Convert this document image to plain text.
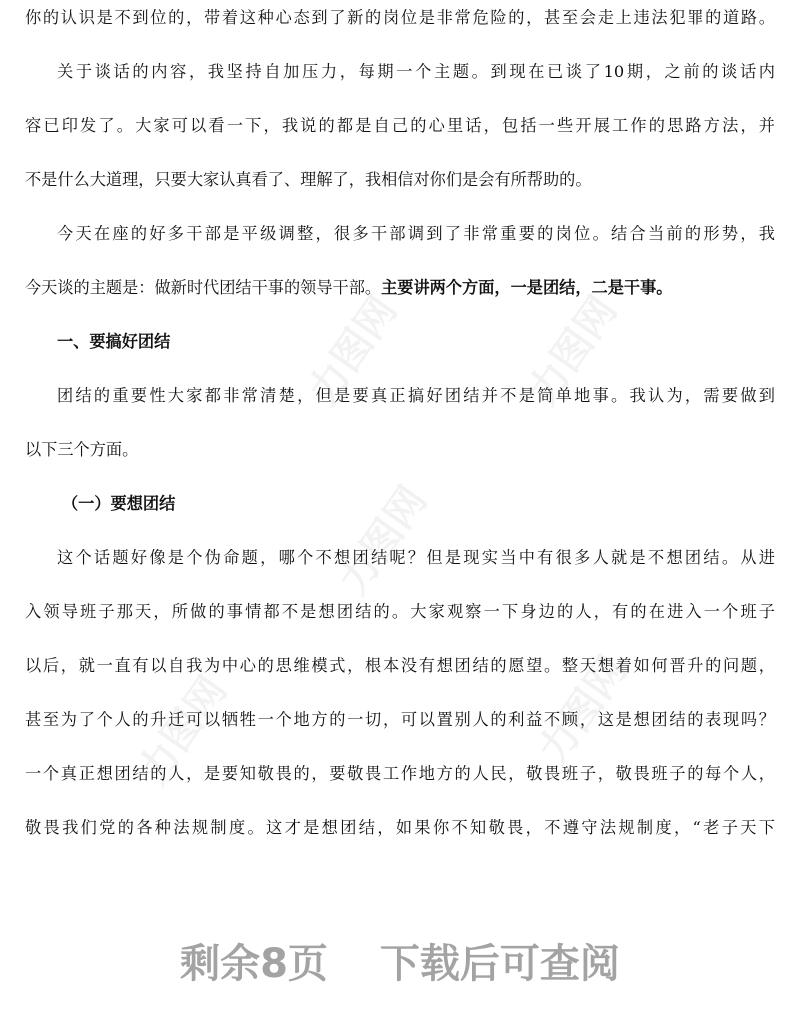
力图网	力图网
力图网
力图网	力图网
你的认识是不到位的，带着这种心态到了新的岗位是非常危险的，甚至会走上违法犯罪的道路。
关于谈话的内容，我坚持自加压力，每期一个主题。到现在已谈了10期，之前的谈话内
容已印发了。大家可以看一下，我说的都是自己的心里话，包括一些开展工作的思路方法，并
不是什么大道理，只要大家认真看了、理解了，我相信对你们是会有所帮助的。
今天在座的好多干部是平级调整，很多干部调到了非常重要的岗位。结合当前的形势，我
今天谈的主题是：做新时代团结干事的领导干部。主要讲两个方面，一是团结，二是干事。
一、要搞好团结
团结的重要性大家都非常清楚，但是要真正搞好团结并不是简单地事。我认为，需要做到
以下三个方面。
（一）要想团结
这个话题好像是个伪命题，哪个不想团结呢？但是现实当中有很多人就是不想团结。从进
入领导班子那天，所做的事情都不是想团结的。大家观察一下身边的人，有的在进入一个班子
以后，就一直有以自我为中心的思维模式，根本没有想团结的愿望。整天想着如何晋升的问题，
甚至为了个人的升迁可以牺牲一个地方的一切，可以置别人的利益不顾，这是想团结的表现吗？
一个真正想团结的人，是要知敬畏的，要敬畏工作地方的人民，敬畏班子，敬畏班子的每个人，
敬畏我们党的各种法规制度。这才是想团结，如果你不知敬畏，不遵守法规制度，“老子天下
剩余8页 下载后可查阅
